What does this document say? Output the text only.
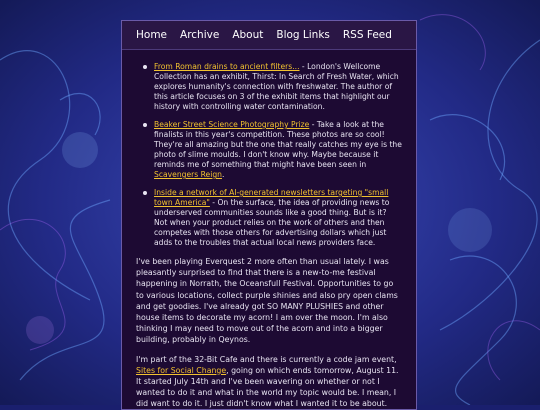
Home Archive About Blog Links RSS Feed
From Roman drains to ancient filters... - London's Wellcome Collection has an exhibit, Thirst: In Search of Fresh Water, which explores humanity's connection with freshwater. The author of this article focuses on 3 of the exhibit items that highlight our history with controlling water contamination.
Beaker Street Science Photography Prize - Take a look at the finalists in this year's competition. These photos are so cool! They're all amazing but the one that really catches my eye is the photo of slime moulds. I don't know why. Maybe because it reminds me of something that might have been seen in Scavengers Reign.
Inside a network of AI-generated newsletters targeting "small town America" - On the surface, the idea of providing news to underserved communities sounds like a good thing. But is it? Not when your product relies on the work of others and then competes with those others for advertising dollars which just adds to the troubles that actual local news providers face.

I've been playing Everquest 2 more often than usual lately. I was pleasantly surprised to find that there is a new-to-me festival happening in Norrath, the Oceansfull Festival. Opportunities to go to various locations, collect purple shinies and also pry open clams and get goodies. I've already got SO MANY PLUSHIES and other house items to decorate my acorn! I am over the moon. I'm also thinking I may need to move out of the acorn and into a bigger building, probably in Qeynos.

I'm part of the 32-Bit Cafe and there is currently a code jam event, Sites for Social Change, going on which ends tomorrow, August 11. It started July 14th and I've been wavering on whether or not I wanted to do it and what in the world my topic would be. I mean, I did want to do it. I just didn't know what I wanted it to be about.
